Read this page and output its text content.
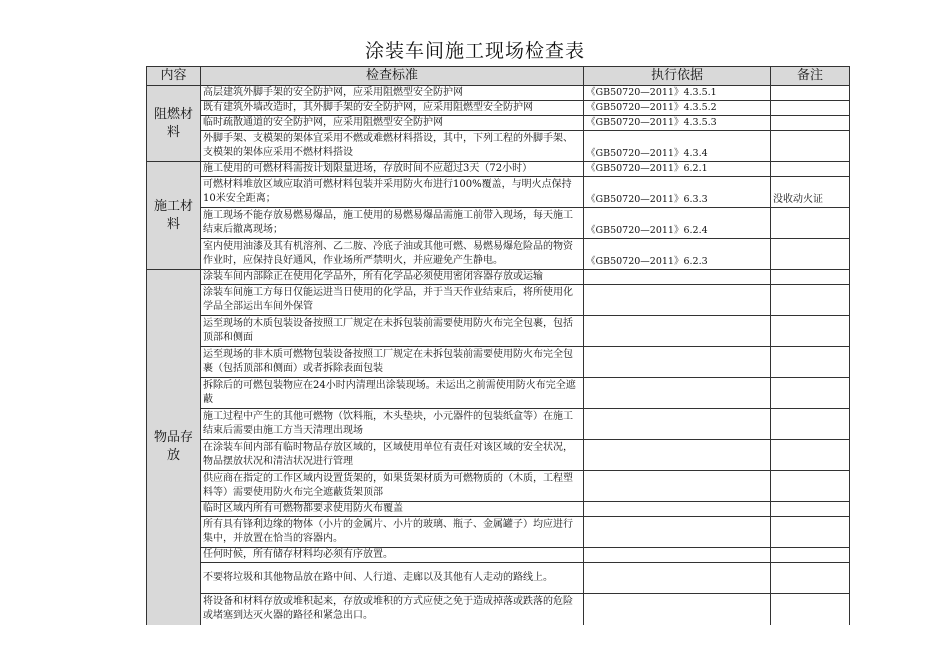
涂装车间施工现场检查表
内容	检查标准	执行依据	备注
阻燃材料	高层建筑外脚手架的安全防护网，应采用阻燃型安全防护网	《GB50720—2011》4.3.5.1	
	既有建筑外墙改造时，其外脚手架的安全防护网，应采用阻燃型安全防护网	《GB50720—2011》4.3.5.2	
	临时疏散通道的安全防护网，应采用阻燃型安全防护网	《GB50720—2011》4.3.5.3	
	外脚手架、支模架的架体宜采用不燃或难燃材料搭设，其中，下列工程的外脚手架、支模架的架体应采用不燃材料搭设	《GB50720—2011》4.3.4	
施工材料	施工使用的可燃材料需按计划限量进场，存放时间不应超过3天（72小时）	《GB50720—2011》6.2.1	
	可燃材料堆放区域应取消可燃材料包装并采用防火布进行100%覆盖，与明火点保持10米安全距离；	《GB50720—2011》6.3.3	没收动火证
	施工现场不能存放易燃易爆品，施工使用的易燃易爆品需施工前带入现场，每天施工结束后撤离现场；	《GB50720—2011》6.2.4	
	室内使用油漆及其有机溶剂、乙二胺、冷底子油或其他可燃、易燃易爆危险品的物资作业时，应保持良好通风，作业场所严禁明火，并应避免产生静电。	《GB50720—2011》6.2.3	
物品存放	涂装车间内部除正在使用化学品外，所有化学品必须使用密闭容器存放或运输		
	涂装车间施工方每日仅能运进当日使用的化学品，并于当天作业结束后，将所使用化学品全部运出车间外保管		
	运至现场的木质包装设备按照工厂规定在未拆包装前需要使用防火布完全包裹，包括顶部和侧面		
	运至现场的非木质可燃物包装设备按照工厂规定在未拆包装前需要使用防火布完全包裹（包括顶部和侧面）或者拆除表面包装		
	拆除后的可燃包装物应在24小时内清理出涂装现场。未运出之前需使用防火布完全遮蔽		
	施工过程中产生的其他可燃物（饮料瓶，木头垫块，小元器件的包装纸盒等）在施工结束后需要由施工方当天清理出现场		
	在涂装车间内部有临时物品存放区域的，区域使用单位有责任对该区域的安全状况，物品摆放状况和清洁状况进行管理		
	供应商在指定的工作区域内设置货架的，如果货架材质为可燃物质的（木质，工程塑料等）需要使用防火布完全遮蔽货架顶部		
	临时区域内所有可燃物都要求使用防火布覆盖		
	所有具有锋利边缘的物体（小片的金属片、小片的玻璃、瓶子、金属罐子）均应进行集中，并放置在恰当的容器内。		
	任何时候，所有储存材料均必须有序放置。		
	不要将垃圾和其他物品放在路中间、人行道、走廊以及其他有人走动的路线上。		
	将设备和材料存放或堆积起来，存放或堆积的方式应使之免于造成掉落或跌落的危险或堵塞到达灭火器的路径和紧急出口。		
